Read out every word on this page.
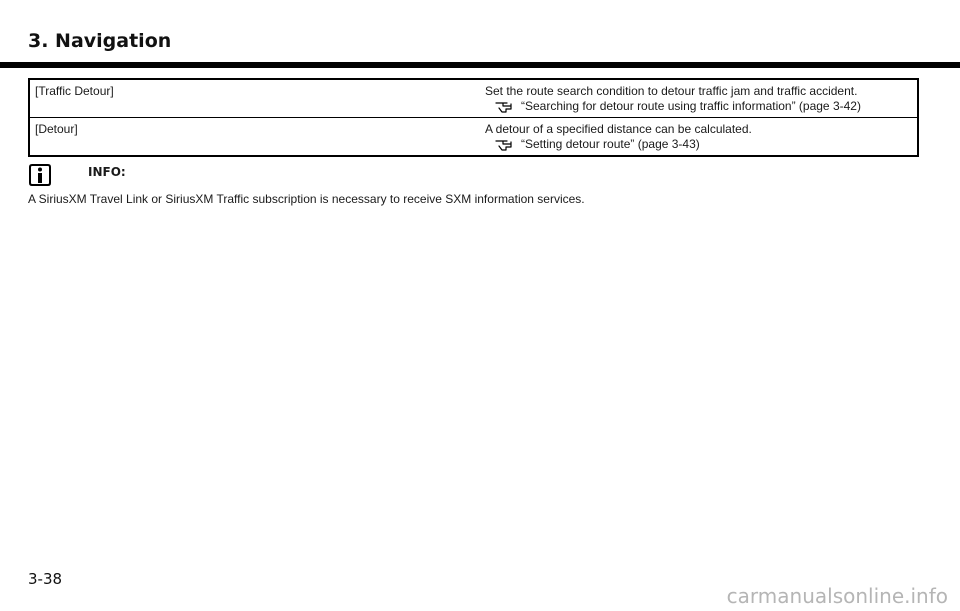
3. Navigation
[Traffic Detour]	Set the route search condition to detour traffic jam and traffic accident.
“Searching for detour route using traffic information” (page 3-42)

[Detour]	A detour of a specified distance can be calculated.
“Setting detour route” (page 3-43)
INFO:
A SiriusXM Travel Link or SiriusXM Traffic subscription is necessary to receive SXM information services.
3-38
carmanualsonline.info
